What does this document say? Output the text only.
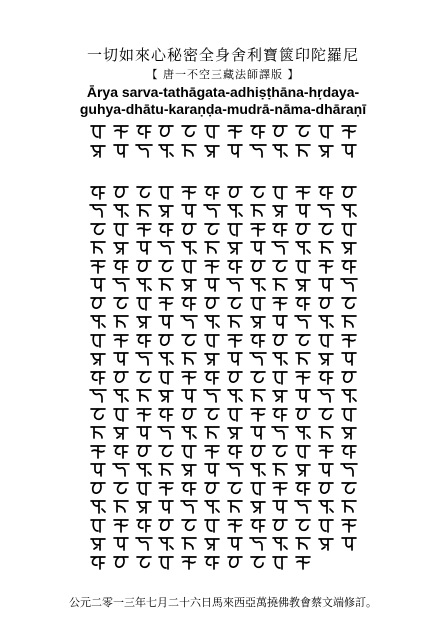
一切如來心秘密全身舍利寶篋印陀羅尼
【 唐一不空三藏法師譯版 】
Ārya sarva-tathāgata-adhiṣṭhāna-hṛdaya-
guhya-dhātu-karaṇḍa-mudrā-nāma-dhāraṇī
公元二零一三年七月二十六日馬來西亞萬撓佛教會蔡文端修訂。
